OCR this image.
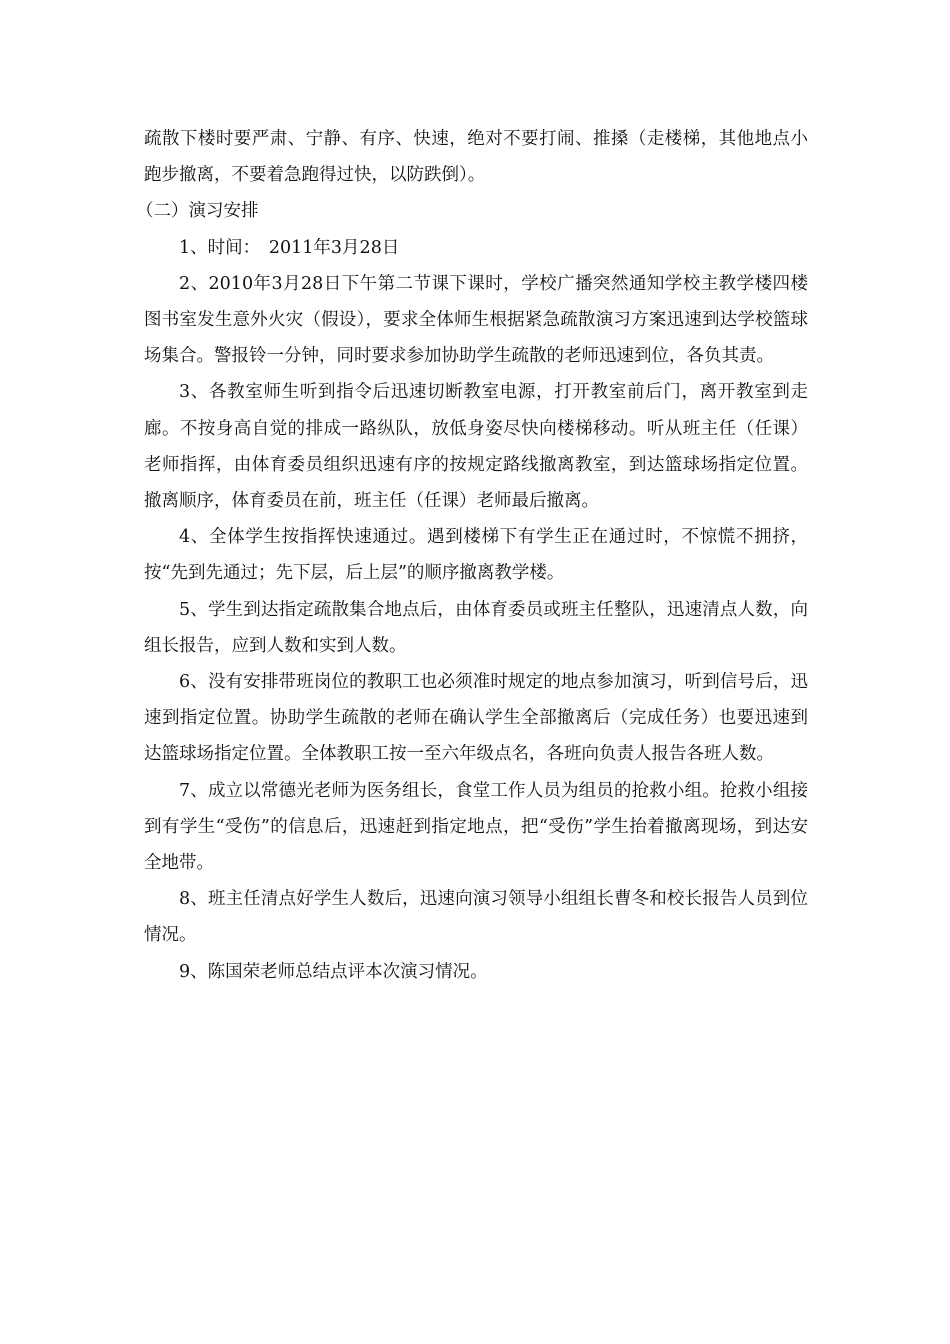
疏散下楼时要严肃、宁静、有序、快速，绝对不要打闹、推搡（走楼梯，其他地点小跑步撤离，不要着急跑得过快，以防跌倒）。

（二）演习安排

1、时间：　2011年3月28日

2、2010年3月28日下午第二节课下课时，学校广播突然通知学校主教学楼四楼图书室发生意外火灾（假设），要求全体师生根据紧急疏散演习方案迅速到达学校篮球场集合。警报铃一分钟，同时要求参加协助学生疏散的老师迅速到位，各负其责。

3、各教室师生听到指令后迅速切断教室电源，打开教室前后门，离开教室到走廊。不按身高自觉的排成一路纵队，放低身姿尽快向楼梯移动。听从班主任（任课）老师指挥，由体育委员组织迅速有序的按规定路线撤离教室，到达篮球场指定位置。撤离顺序，体育委员在前，班主任（任课）老师最后撤离。

4、全体学生按指挥快速通过。遇到楼梯下有学生正在通过时，不惊慌不拥挤，按“先到先通过；先下层，后上层”的顺序撤离教学楼。

5、学生到达指定疏散集合地点后，由体育委员或班主任整队，迅速清点人数，向组长报告，应到人数和实到人数。

6、没有安排带班岗位的教职工也必须准时规定的地点参加演习，听到信号后，迅速到指定位置。协助学生疏散的老师在确认学生全部撤离后（完成任务）也要迅速到达篮球场指定位置。全体教职工按一至六年级点名，各班向负责人报告各班人数。

7、成立以常德光老师为医务组长，食堂工作人员为组员的抢救小组。抢救小组接到有学生“受伤”的信息后，迅速赶到指定地点，把“受伤”学生抬着撤离现场，到达安全地带。

8、班主任清点好学生人数后，迅速向演习领导小组组长曹冬和校长报告人员到位情况。

9、陈国荣老师总结点评本次演习情况。
